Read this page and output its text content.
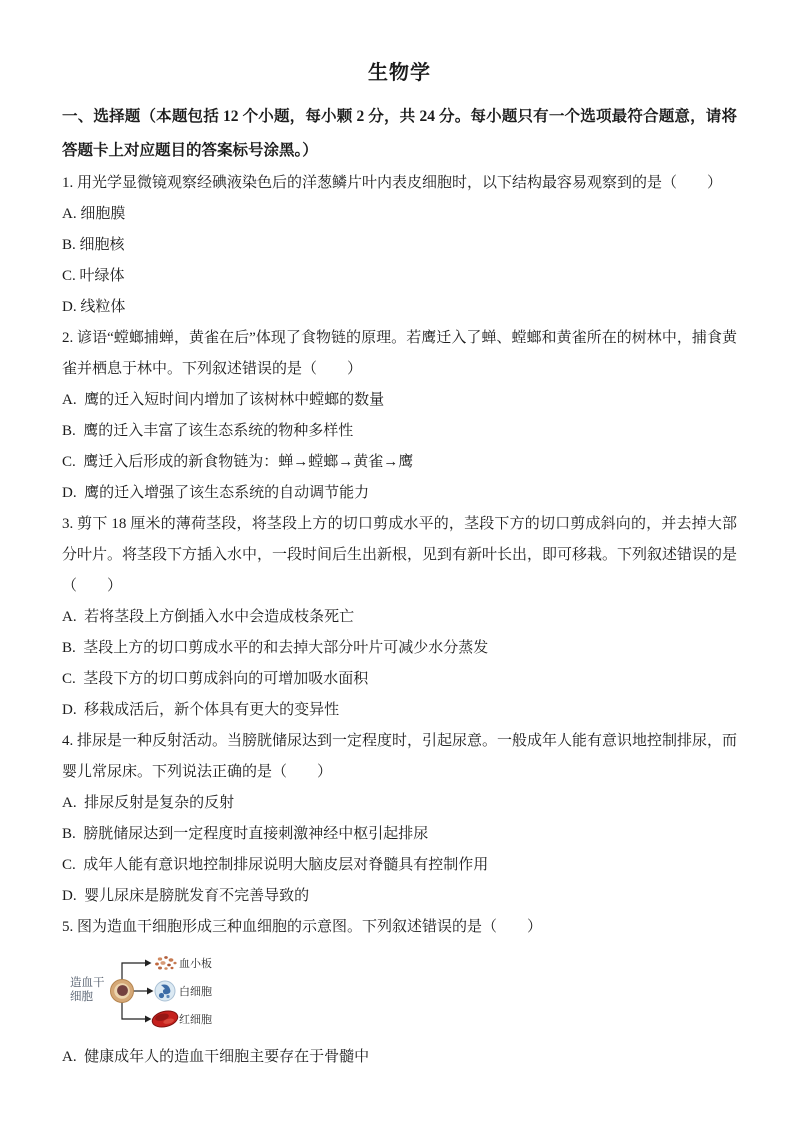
生物学

一、选择题（本题包括 12 个小题，每小颗 2 分，共 24 分。每小题只有一个选项最符合题意，请将答题卡上对应题目的答案标号涂黑。）

1. 用光学显微镜观察经碘液染色后的洋葱鳞片叶内表皮细胞时，以下结构最容易观察到的是（　　）

A. 细胞膜

B. 细胞核

C. 叶绿体

D. 线粒体

2. 谚语“螳螂捕蝉，黄雀在后”体现了食物链的原理。若鹰迁入了蝉、螳螂和黄雀所在的树林中，捕食黄雀并栖息于林中。下列叙述错误的是（　　）

A.  鹰的迁入短时间内增加了该树林中螳螂的数量

B.  鹰的迁入丰富了该生态系统的物种多样性

C.  鹰迁入后形成的新食物链为：蝉→螳螂→黄雀→鹰

D.  鹰的迁入增强了该生态系统的自动调节能力

3. 剪下 18 厘米的薄荷茎段，将茎段上方的切口剪成水平的，茎段下方的切口剪成斜向的，并去掉大部分叶片。将茎段下方插入水中，一段时间后生出新根，见到有新叶长出，即可移栽。下列叙述错误的是（　　）

A.  若将茎段上方倒插入水中会造成枝条死亡

B.  茎段上方的切口剪成水平的和去掉大部分叶片可减少水分蒸发

C.  茎段下方的切口剪成斜向的可增加吸水面积

D.  移栽成活后，新个体具有更大的变异性

4. 排尿是一种反射活动。当膀胱储尿达到一定程度时，引起尿意。一般成年人能有意识地控制排尿，而婴儿常尿床。下列说法正确的是（　　）

A.  排尿反射是复杂的反射

B.  膀胱储尿达到一定程度时直接刺激神经中枢引起排尿

C.  成年人能有意识地控制排尿说明大脑皮层对脊髓具有控制作用

D.  婴儿尿床是膀胱发育不完善导致的

5. 图为造血干细胞形成三种血细胞的示意图。下列叙述错误的是（　　）

造血干
细胞
血小板
白细胞
红细胞

A.  健康成年人的造血干细胞主要存在于骨髓中
